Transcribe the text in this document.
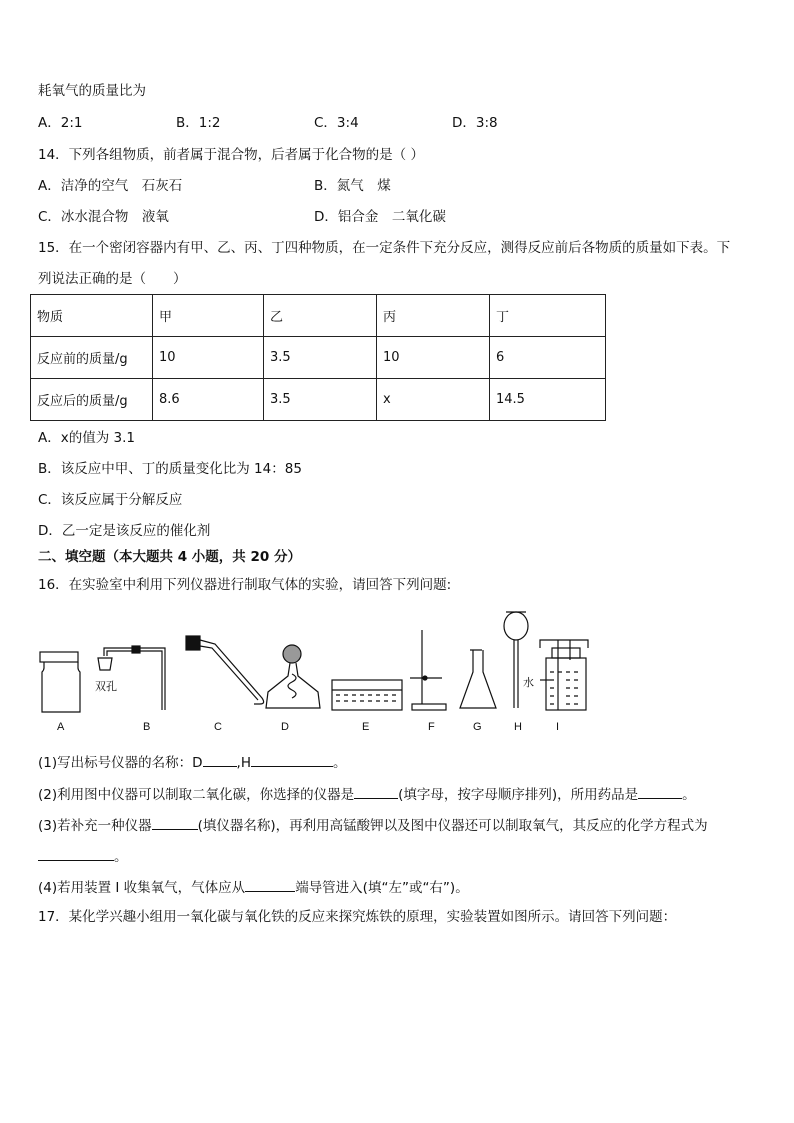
耗氧气的质量比为
A．2:1	B．1:2	C．3:4	D．3:8
14．下列各组物质，前者属于混合物，后者属于化合物的是（ ）
A．洁净的空气　石灰石	B．氮气　煤
C．冰水混合物　液氧	D．铝合金　二氧化碳
15．在一个密闭容器内有甲、乙、丙、丁四种物质，在一定条件下充分反应，测得反应前后各物质的质量如下表。下
列说法正确的是（　　）
物质	甲	乙	丙	丁
反应前的质量/g	10	3.5	10	6
反应后的质量/g	8.6	3.5	x	14.5
A．x的值为 3.1
B．该反应中甲、丁的质量变化比为 14：85
C．该反应属于分解反应
D．乙一定是该反应的催化剂
二、填空题（本大题共 4 小题，共 20 分）
16．在实验室中利用下列仪器进行制取气体的实验，请回答下列问题:
双孔	水
A	B	C	D	E	F	G	H	I
(1)写出标号仪器的名称：D	,H	。
(2)利用图中仪器可以制取二氧化碳，你选择的仪器是	(填字母，按字母顺序排列)，所用药品是	。
(3)若补充一种仪器	(填仪器名称)，再利用高锰酸钾以及图中仪器还可以制取氧气，其反应的化学方程式为
。
(4)若用装置 I 收集氧气，气体应从	端导管进入(填“左”或“右”)。
17．某化学兴趣小组用一氧化碳与氧化铁的反应来探究炼铁的原理，实验装置如图所示。请回答下列问题：
